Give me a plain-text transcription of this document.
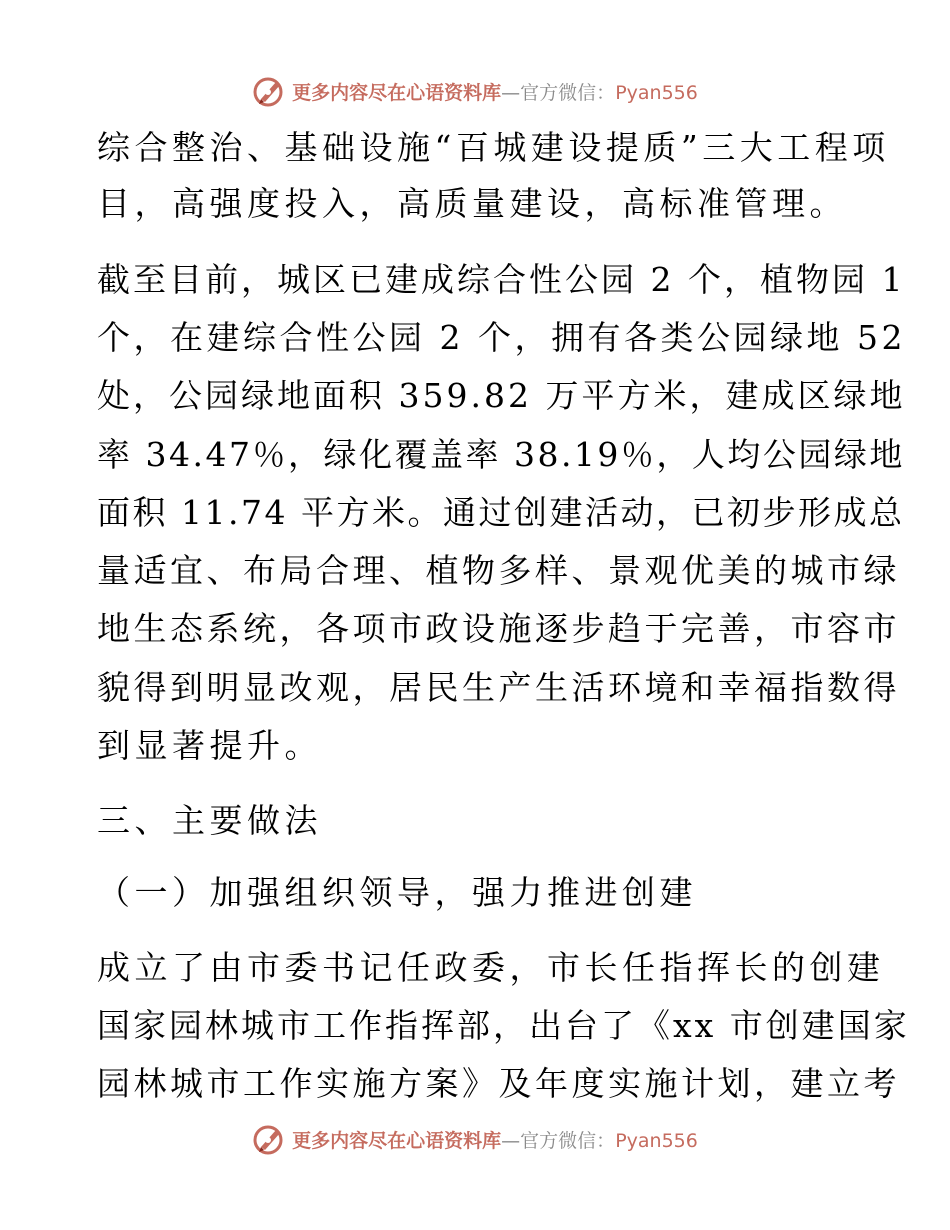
更多内容尽在心语资料库—官方微信：Pyan556
综合整治、基础设施“百城建设提质”三大工程项
目，高强度投入，高质量建设，高标准管理。
截至目前，城区已建成综合性公园 2 个，植物园 1
个，在建综合性公园 2 个，拥有各类公园绿地 52
处，公园绿地面积 359.82 万平方米，建成区绿地
率 34.47％，绿化覆盖率 38.19％，人均公园绿地
面积 11.74 平方米。通过创建活动，已初步形成总
量适宜、布局合理、植物多样、景观优美的城市绿
地生态系统，各项市政设施逐步趋于完善，市容市
貌得到明显改观，居民生产生活环境和幸福指数得
到显著提升。
三、主要做法
（一）加强组织领导，强力推进创建
成立了由市委书记任政委，市长任指挥长的创建
国家园林城市工作指挥部，出台了《xx 市创建国家
园林城市工作实施方案》及年度实施计划，建立考
更多内容尽在心语资料库—官方微信：Pyan556
